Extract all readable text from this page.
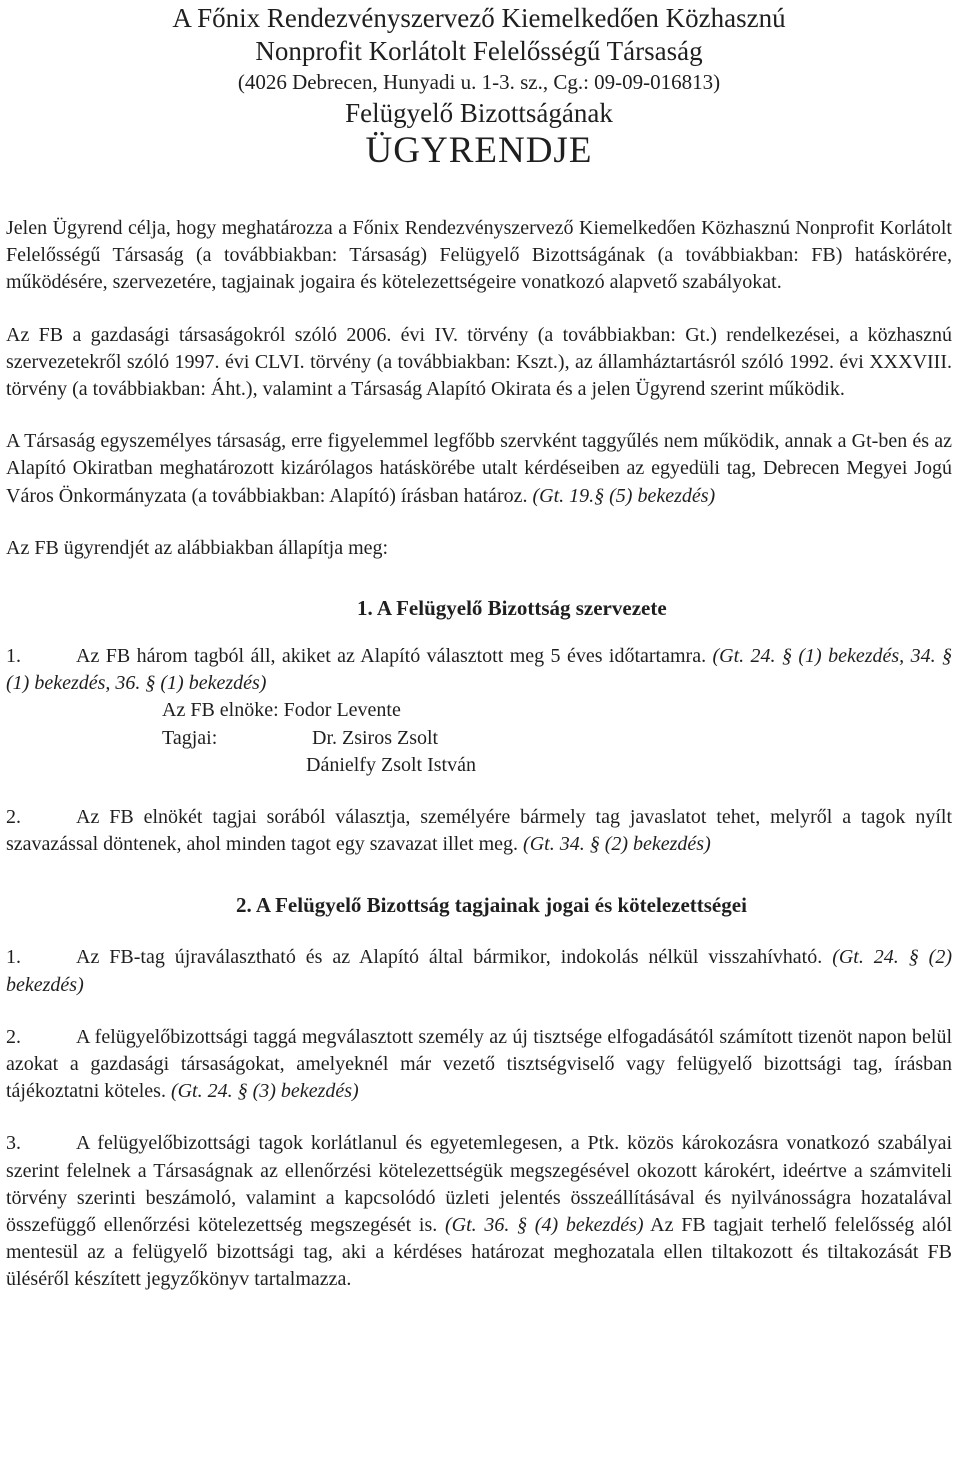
A Főnix Rendezvényszervező Kiemelkedően Közhasznú

Nonprofit Korlátolt Felelősségű Társaság

(4026 Debrecen, Hunyadi u. 1-3. sz., Cg.: 09-09-016813)

Felügyelő Bizottságának

ÜGYRENDJE

Jelen Ügyrend célja, hogy meghatározza a Főnix Rendezvényszervező Kiemelkedően Közhasznú Nonprofit Korlátolt Felelősségű Társaság (a továbbiakban: Társaság) Felügyelő Bizottságának (a továbbiakban: FB) hatáskörére, működésére, szervezetére, tagjainak jogaira és kötelezettségeire vonatkozó alapvető szabályokat.

Az FB a gazdasági társaságokról szóló 2006. évi IV. törvény (a továbbiakban: Gt.) rendelkezései, a közhasznú szervezetekről szóló 1997. évi CLVI. törvény (a továbbiakban: Kszt.), az államháztartásról szóló 1992. évi XXXVIII. törvény (a továbbiakban: Áht.), valamint a Társaság Alapító Okirata és a jelen Ügyrend szerint működik.

A Társaság egyszemélyes társaság, erre figyelemmel legfőbb szervként taggyűlés nem működik, annak a Gt-ben és az Alapító Okiratban meghatározott kizárólagos hatáskörébe utalt kérdéseiben az egyedüli tag, Debrecen Megyei Jogú Város Önkormányzata (a továbbiakban: Alapító) írásban határoz. (Gt. 19.§ (5) bekezdés)

Az FB ügyrendjét az alábbiakban állapítja meg:

1. A Felügyelő Bizottság szervezete

1.	Az FB három tagból áll, akiket az Alapító választott meg 5 éves időtartamra. (Gt. 24. § (1) bekezdés, 34. § (1) bekezdés, 36. § (1) bekezdés)

Az FB elnöke:
Fodor Levente
Tagjai:	Dr. Zsiros Zsolt
Dánielfy Zsolt István

2.	Az FB elnökét tagjai sorából választja, személyére bármely tag javaslatot tehet, melyről a tagok nyílt szavazással döntenek, ahol minden tagot egy szavazat illet meg. (Gt. 34. § (2) bekezdés)

2. A Felügyelő Bizottság tagjainak jogai és kötelezettségei

1.	Az FB-tag újraválasztható és az Alapító által bármikor, indokolás nélkül visszahívható. (Gt. 24. § (2) bekezdés)

2.	A felügyelőbizottsági taggá megválasztott személy az új tisztsége elfogadásától számított tizenöt napon belül azokat a gazdasági társaságokat, amelyeknél már vezető tisztségviselő vagy felügyelő bizottsági tag, írásban tájékoztatni köteles. (Gt. 24. § (3) bekezdés)

3.	A felügyelőbizottsági tagok korlátlanul és egyetemlegesen, a Ptk. közös károkozásra vonatkozó szabályai szerint felelnek a Társaságnak az ellenőrzési kötelezettségük megszegésével okozott károkért, ideértve a számviteli törvény szerinti beszámoló, valamint a kapcsolódó üzleti jelentés összeállításával és nyilvánosságra hozatalával összefüggő ellenőrzési kötelezettség megszegését is. (Gt. 36. § (4) bekezdés) Az FB tagjait terhelő felelősség alól mentesül az a felügyelő bizottsági tag, aki a kérdéses határozat meghozatala ellen tiltakozott és tiltakozását FB üléséről készített jegyzőkönyv tartalmazza.
